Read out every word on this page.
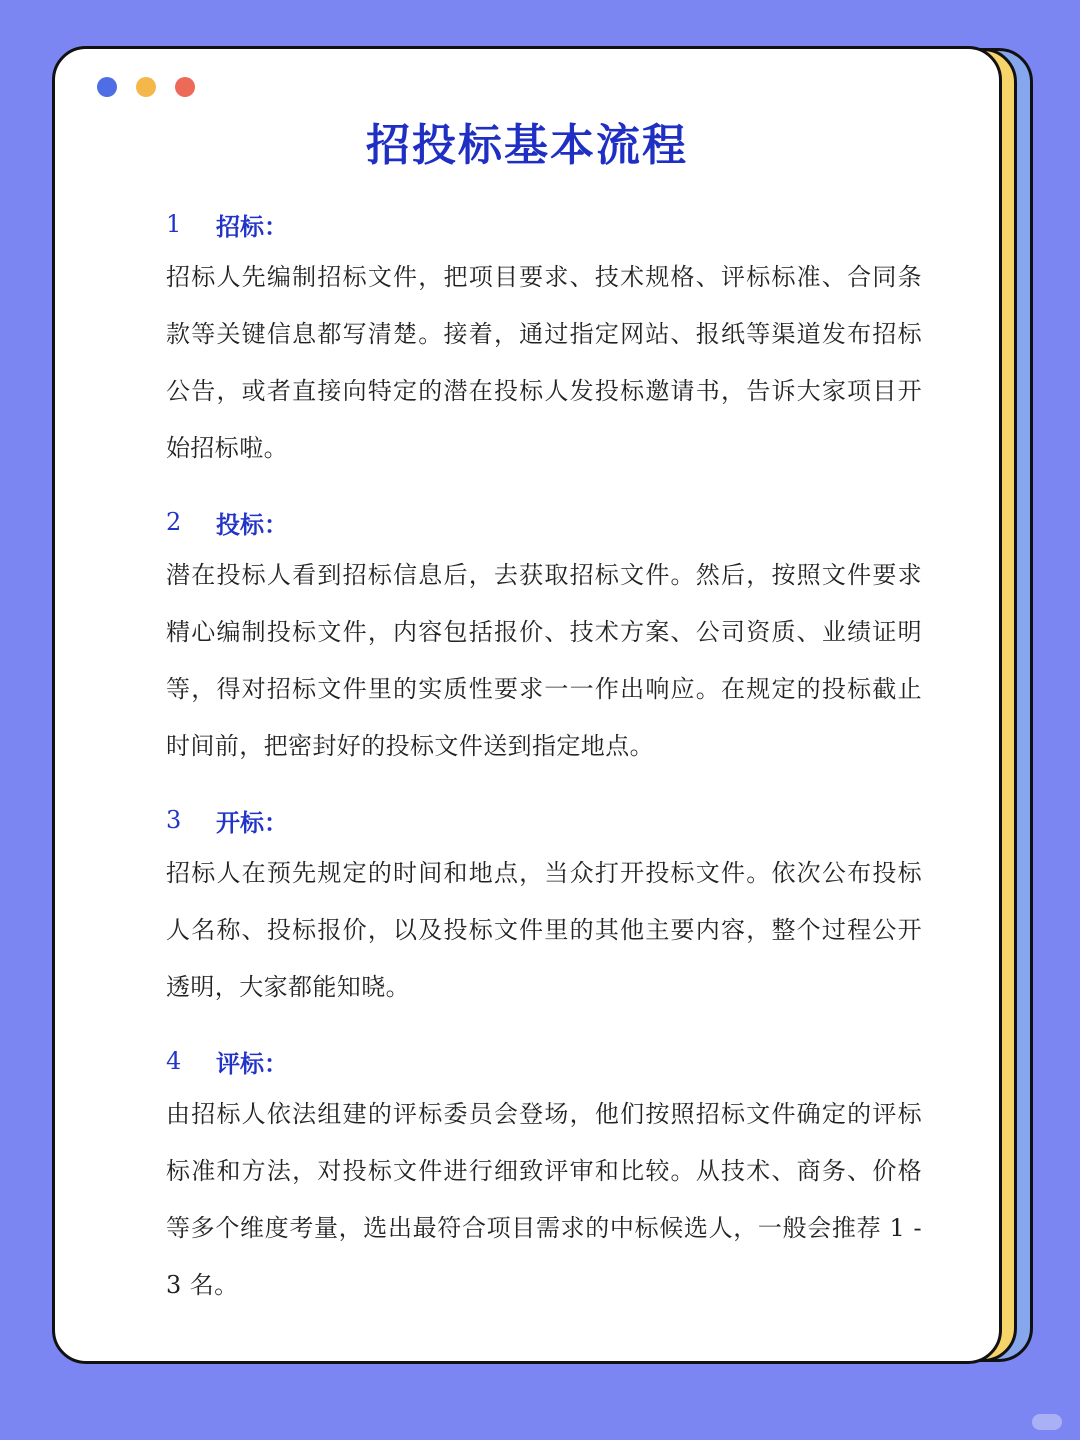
招投标基本流程
1	招标：

招标人先编制招标文件，把项目要求、技术规格、评标标准、合同条款等关键信息都写清楚。接着，通过指定网站、报纸等渠道发布招标公告，或者直接向特定的潜在投标人发投标邀请书，告诉大家项目开始招标啦。

2	投标：

潜在投标人看到招标信息后，去获取招标文件。然后，按照文件要求精心编制投标文件，内容包括报价、技术方案、公司资质、业绩证明等，得对招标文件里的实质性要求一一作出响应。在规定的投标截止时间前，把密封好的投标文件送到指定地点。

3	开标：

招标人在预先规定的时间和地点，当众打开投标文件。依次公布投标人名称、投标报价，以及投标文件里的其他主要内容，整个过程公开透明，大家都能知晓。

4	评标：

由招标人依法组建的评标委员会登场，他们按照招标文件确定的评标标准和方法，对投标文件进行细致评审和比较。从技术、商务、价格等多个维度考量，选出最符合项目需求的中标候选人，一般会推荐 1 - 3 名。
